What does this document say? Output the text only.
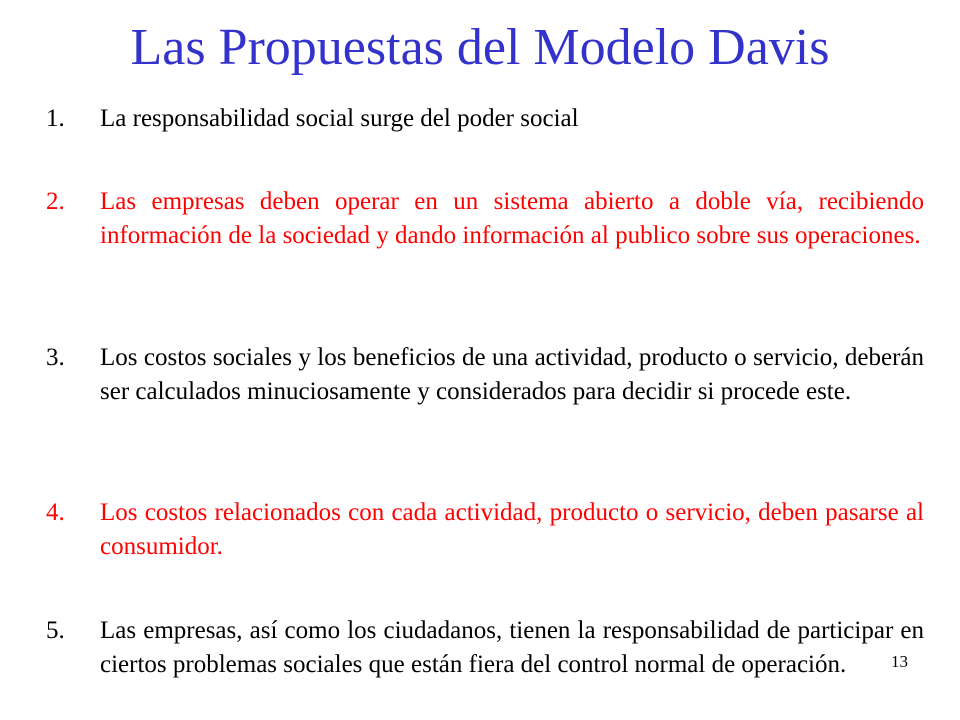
Las Propuestas del Modelo Davis
1. La responsabilidad social surge del poder social
2. Las empresas deben operar en un sistema abierto a doble vía, recibiendo información de la sociedad y dando información al publico sobre sus operaciones.
3. Los costos sociales y los beneficios de una actividad, producto o servicio, deberán ser calculados minuciosamente y considerados para decidir si procede este.
4. Los costos relacionados con cada actividad, producto o servicio, deben pasarse al consumidor.
5. Las empresas, así como los ciudadanos, tienen la responsabilidad de participar en ciertos problemas sociales que están fiera del control normal de operación.	13
